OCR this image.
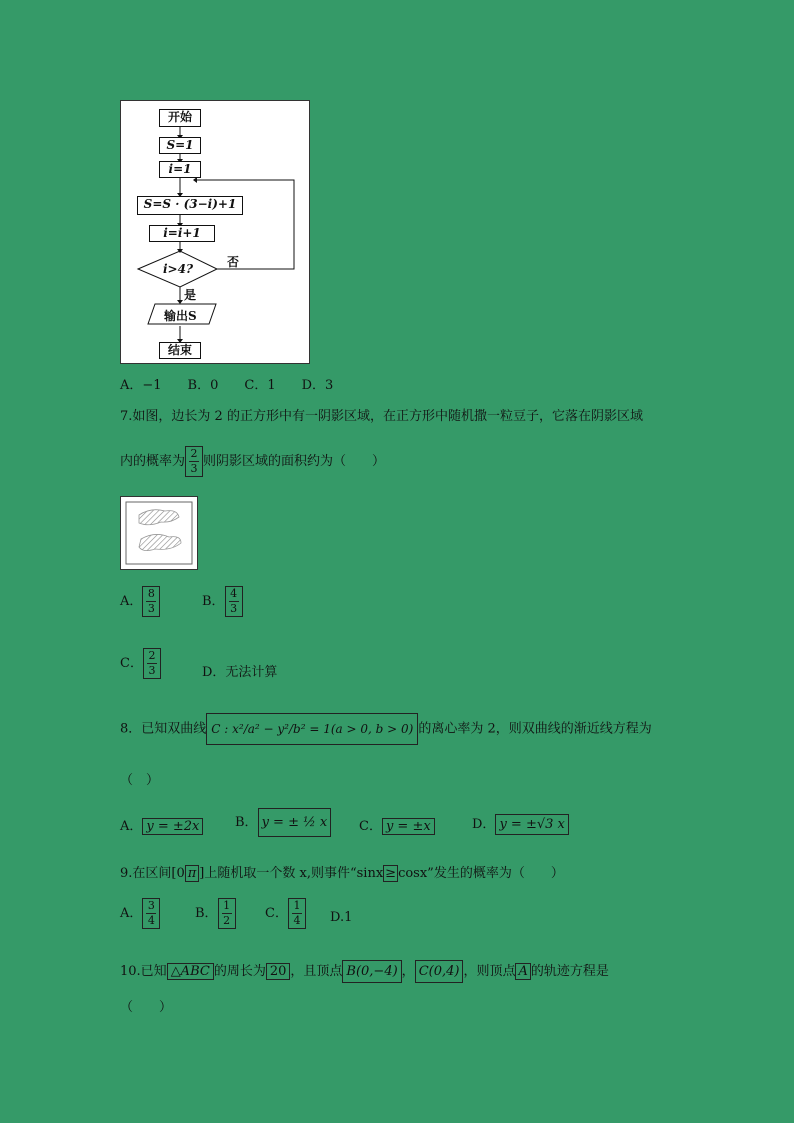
开始
S=1
i=1
S=S · (3−i)+1
i=i+1
i>4?	否
是
输出S
结束
A．−1　　B．0　　C．1　　D．3
7.如图，边长为 2 的正方形中有一阴影区域，在正方形中随机撒一粒豆子，它落在阴影区域
内的概率为 $\frac{2}{3}$ 则阴影区域的面积约为（　　）
A． $\frac{8}{3}$	B． $\frac{4}{3}$
C． $\frac{2}{3}$	D．无法计算
8．已知双曲线 C : x²/a² − y²/b² = 1(a > 0, b > 0) 的离心率为 2，则双曲线的渐近线方程为
（　）
A． y = ±2x	B． y = ± ½ x	C． y = ±x	D． y = ±√3 x
9.在区间[0 π ]上随机取一个数 x,则事件“sinx ≥ cosx”发生的概率为（　　）
A． $\frac{3}{4}$	B． $\frac{1}{2}$ C． $\frac{1}{4} D.1$
10.已知 △ABC 的周长为 20 ，且顶点 B(0,−4) ， C(0,4) ，则顶点 A 的轨迹方程是
（　　）
